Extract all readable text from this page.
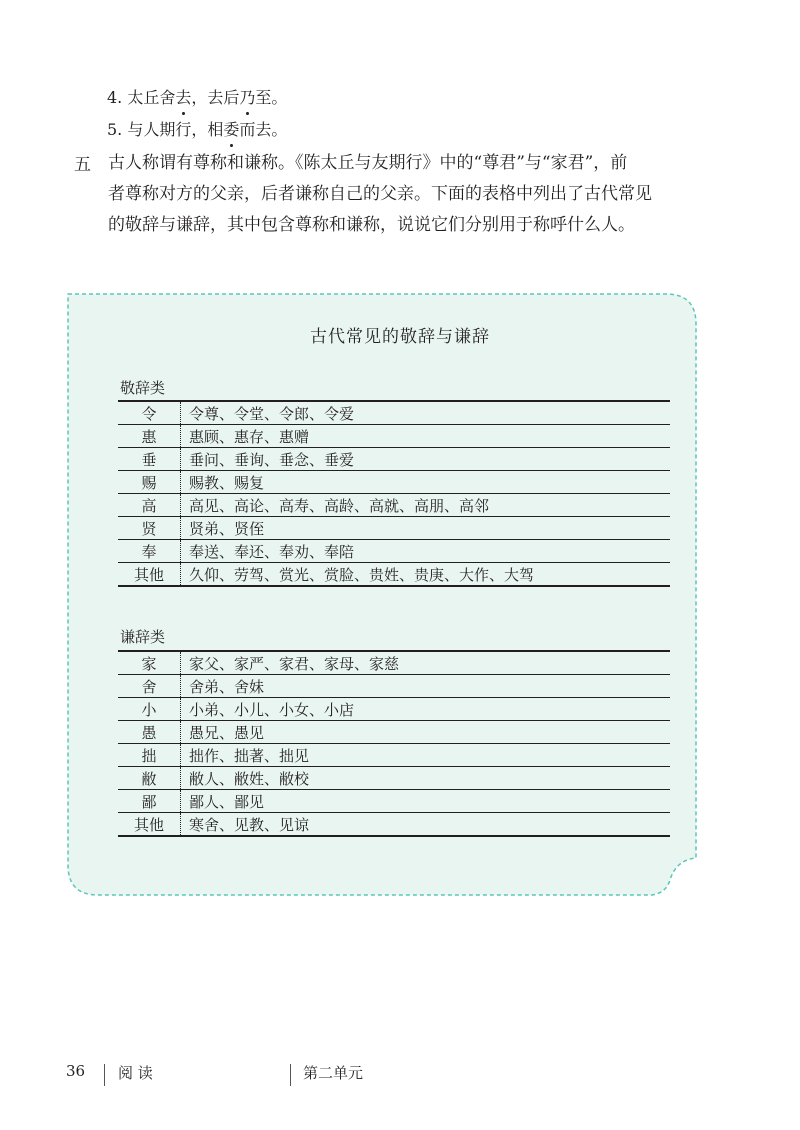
4. 太丘舍去，去后乃至。
5. 与人期行，相委而去。
五 古人称谓有尊称和谦称。《陈太丘与友期行》中的“尊君”与“家君”，前

者尊称对方的父亲，后者谦称自己的父亲。下面的表格中列出了古代常见

的敬辞与谦辞，其中包含尊称和谦称，说说它们分别用于称呼什么人。

古代常见的敬辞与谦辞
敬辞类
令	令尊、令堂、令郎、令爱
惠	惠顾、惠存、惠赠
垂	垂问、垂询、垂念、垂爱
赐	赐教、赐复
高	高见、高论、高寿、高龄、高就、高朋、高邻
贤	贤弟、贤侄
奉	奉送、奉还、奉劝、奉陪
其他	久仰、劳驾、赏光、赏脸、贵姓、贵庚、大作、大驾
谦辞类
家	家父、家严、家君、家母、家慈
舍	舍弟、舍妹
小	小弟、小儿、小女、小店
愚	愚兄、愚见
拙	拙作、拙著、拙见
敝	敝人、敝姓、敝校
鄙	鄙人、鄙见
其他	寒舍、见教、见谅
36 阅 读	第二单元
